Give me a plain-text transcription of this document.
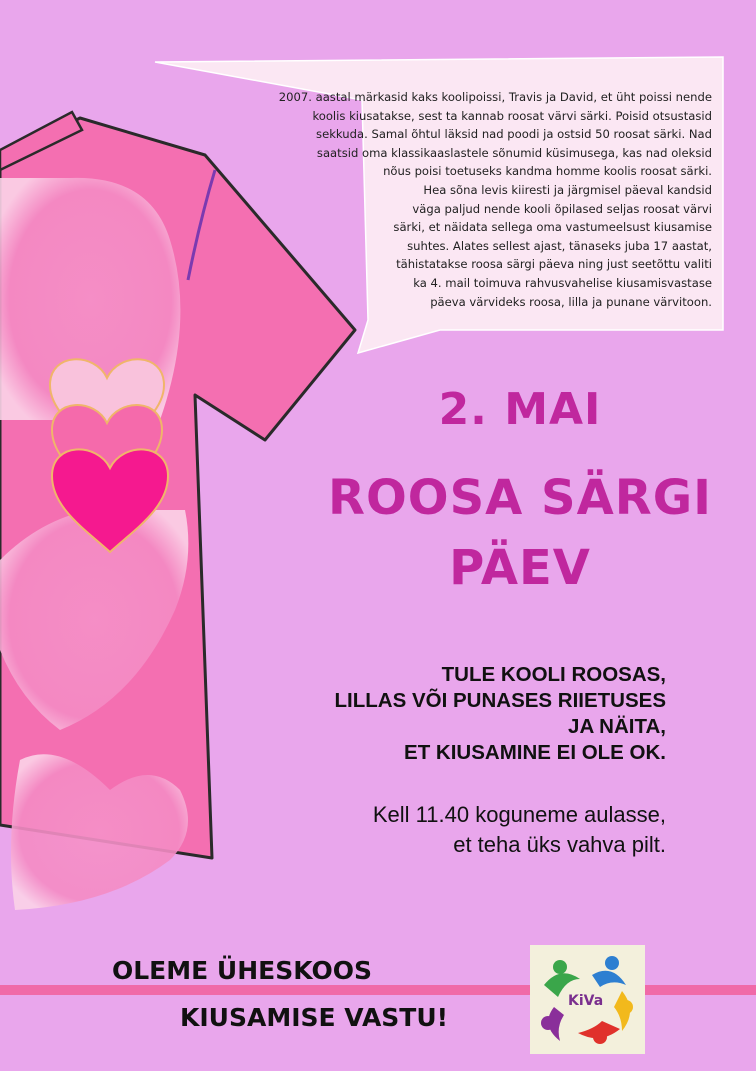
2007. aastal märkasid kaks koolipoissi, Travis ja David, et üht poissi nende

koolis kiusatakse, sest ta kannab roosat värvi särki. Poisid otsustasid

sekkuda. Samal õhtul läksid nad poodi ja ostsid 50 roosat särki. Nad

saatsid oma klassikaaslastele sõnumid küsimusega, kas nad oleksid

nõus poisi toetuseks kandma homme koolis roosat särki.

Hea sõna levis kiiresti ja järgmisel päeval kandsid

väga paljud nende kooli õpilased seljas roosat värvi

särki, et näidata sellega oma vastumeelsust kiusamise

suhtes. Alates sellest ajast, tänaseks juba 17 aastat,

tähistatakse roosa särgi päeva ning just seetõttu valiti

ka 4. mail toimuva rahvusvahelise kiusamisvastase

päeva värvideks roosa, lilla ja punane värvitoon.

2. MAI
ROOSA SÄRGI
PÄEV
TULE KOOLI ROOSAS,
LILLAS VÕI PUNASES RIIETUSES
JA NÄITA,
ET KIUSAMINE EI OLE OK.
Kell 11.40 koguneme aulasse,
et teha üks vahva pilt.
OLEME ÜHESKOOS
KIUSAMISE VASTU!
KiVa
